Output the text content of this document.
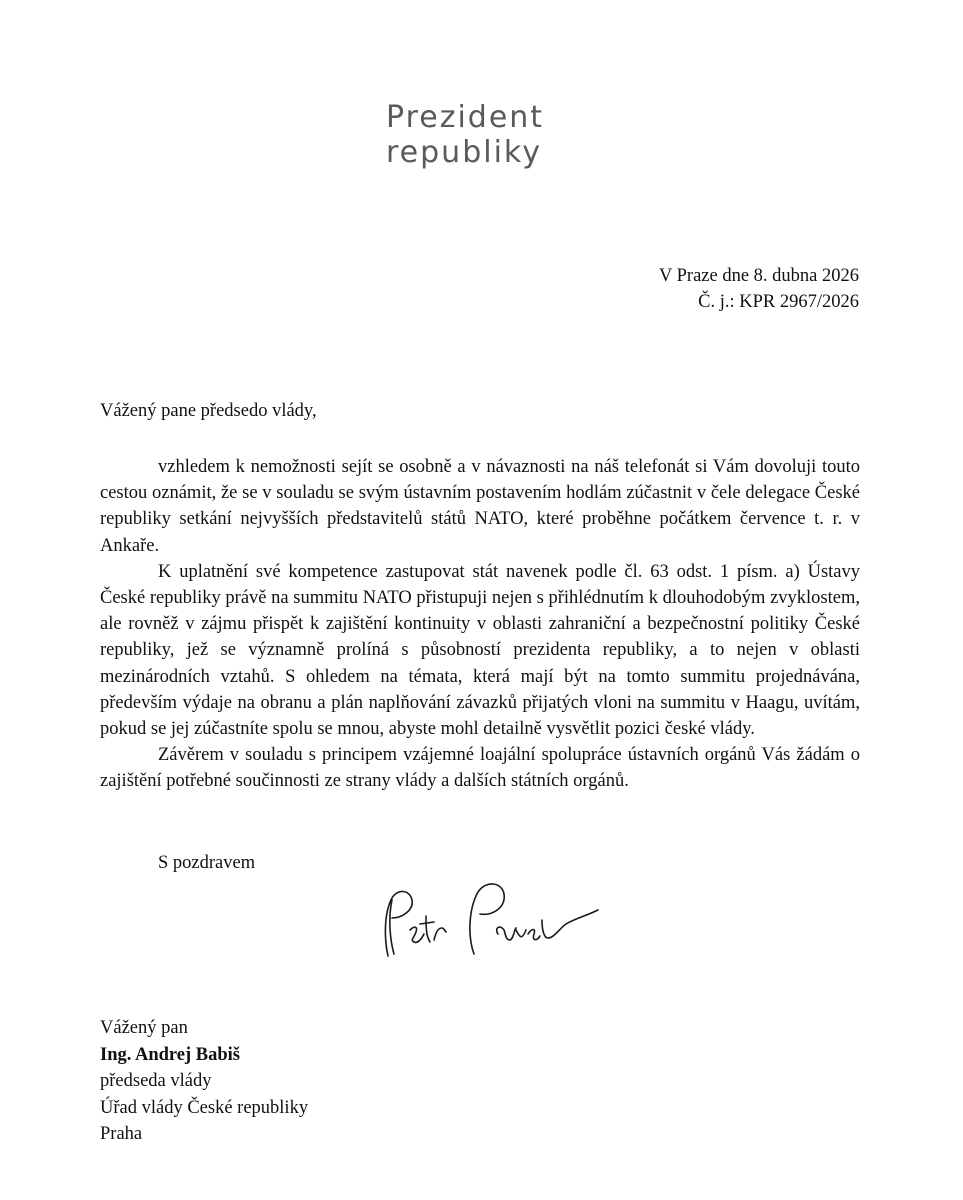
Prezident
republiky
V Praze dne 8. dubna 2026
Č. j.: KPR 2967/2026
Vážený pane předsedo vlády,

vzhledem k nemožnosti sejít se osobně a v návaznosti na náš telefonát si Vám dovoluji touto cestou oznámit, že se v souladu se svým ústavním postavením hodlám zúčastnit v čele delegace České republiky setkání nejvyšších představitelů států NATO, které proběhne počátkem července t. r. v Ankaře.

K uplatnění své kompetence zastupovat stát navenek podle čl. 63 odst. 1 písm. a) Ústavy České republiky právě na summitu NATO přistupuji nejen s přihlédnutím k dlouhodobým zvyklostem, ale rovněž v zájmu přispět k zajištění kontinuity v oblasti zahraniční a bezpečnostní politiky České republiky, jež se významně prolíná s působností prezidenta republiky, a to nejen v oblasti mezinárodních vztahů. S ohledem na témata, která mají být na tomto summitu projednávána, především výdaje na obranu a plán naplňování závazků přijatých vloni na summitu v Haagu, uvítám, pokud se jej zúčastníte spolu se mnou, abyste mohl detailně vysvětlit pozici české vlády.

Závěrem v souladu s principem vzájemné loajální spolupráce ústavních orgánů Vás žádám o zajištění potřebné součinnosti ze strany vlády a dalších státních orgánů.

S pozdravem	Petr Pavel
Vážený pan
Ing. Andrej Babiš
předseda vlády
Úřad vlády České republiky
Praha
